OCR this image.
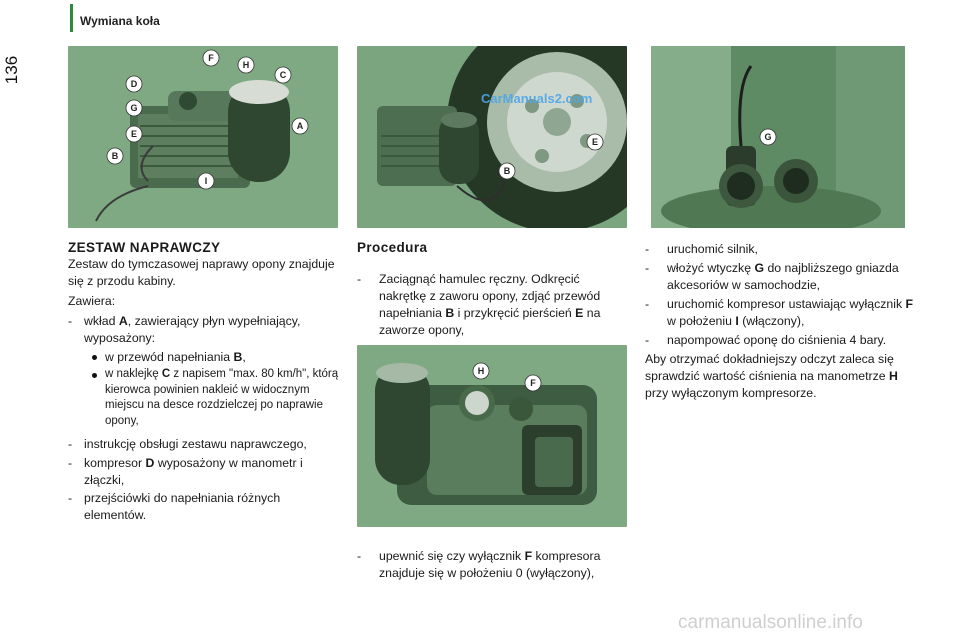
Wymiana koła
136	F
H
D
C
G
A
E
B
I
E
B
CarManuals2.com
G
ZESTAW NAPRAWCZY
Zestaw do tymczasowej naprawy opony znajduje się z przodu kabiny.
Zawiera:
- wkład A, zawierający płyn wypełniający, wyposażony:
w przewód napełniania B,
w naklejkę C z napisem "max. 80 km/h", którą kierowca powinien nakleić w widocznym miejscu na desce rozdzielczej po naprawie opony,
- instrukcję obsługi zestawu naprawczego,
- kompresor D wyposażony w manometr i złączki,
- przejściówki do napełniania różnych elementów.
Procedura
- Zaciągnąć hamulec ręczny. Odkręcić nakrętkę z zaworu opony, zdjąć przewód napełniania B i przykręcić pierścień E na zaworze opony,
H
F
- upewnić się czy wyłącznik F kompresora znajduje się w położeniu 0 (wyłączony),
- uruchomić silnik,
- włożyć wtyczkę G do najbliższego gniazda akcesoriów w samochodzie,
- uruchomić kompresor ustawiając wyłącznik F w położeniu I (włączony),
- napompować oponę do ciśnienia 4 bary.
Aby otrzymać dokładniejszy odczyt zaleca się sprawdzić wartość ciśnienia na manometrze H przy wyłączonym kompresorze.
carmanualsonline.info
